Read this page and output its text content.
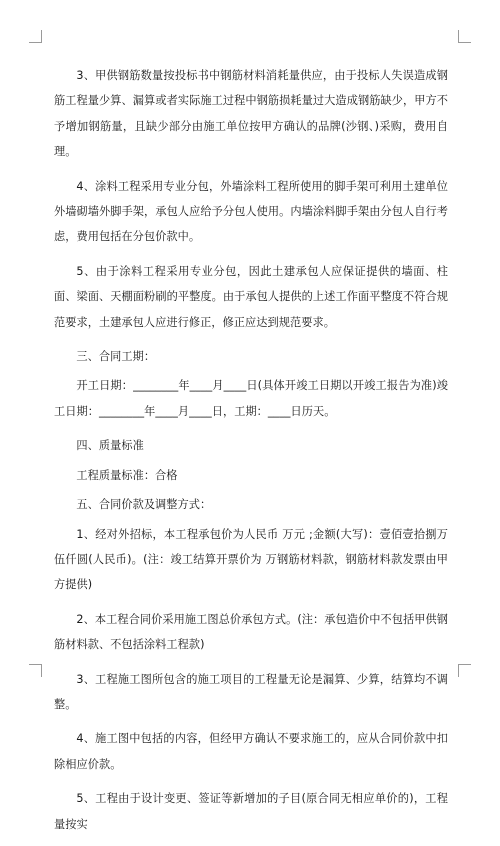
3、甲供钢筋数量按投标书中钢筋材料消耗量供应，由于投标人失误造成钢筋工程量少算、漏算或者实际施工过程中钢筋损耗量过大造成钢筋缺少，甲方不予增加钢筋量，且缺少部分由施工单位按甲方确认的品牌(沙钢、)采购，费用自理。

4、涂料工程采用专业分包，外墙涂料工程所使用的脚手架可利用土建单位外墙砌墙外脚手架，承包人应给予分包人使用。内墙涂料脚手架由分包人自行考虑，费用包括在分包价款中。

5、由于涂料工程采用专业分包，因此土建承包人应保证提供的墙面、柱面、梁面、天棚面粉刷的平整度。由于承包人提供的上述工作面平整度不符合规范要求，土建承包人应进行修正，修正应达到规范要求。

三、合同工期：

开工日期：________年____月____日(具体开竣工日期以开竣工报告为准)竣工日期：________年____月____日，工期：____日历天。

四、质量标准

工程质量标准：合格

五、合同价款及调整方式：

1、经对外招标，本工程承包价为人民币 万元 ;金额(大写)：壹佰壹拾捌万伍仟圆(人民币)。(注：竣工结算开票价为 万钢筋材料款，钢筋材料款发票由甲方提供)

2、本工程合同价采用施工图总价承包方式。(注：承包造价中不包括甲供钢筋材料款、不包括涂料工程款)

3、工程施工图所包含的施工项目的工程量无论是漏算、少算，结算均不调整。

4、施工图中包括的内容，但经甲方确认不要求施工的，应从合同价款中扣除相应价款。

5、工程由于设计变更、签证等新增加的子目(原合同无相应单价的)，工程量按实
